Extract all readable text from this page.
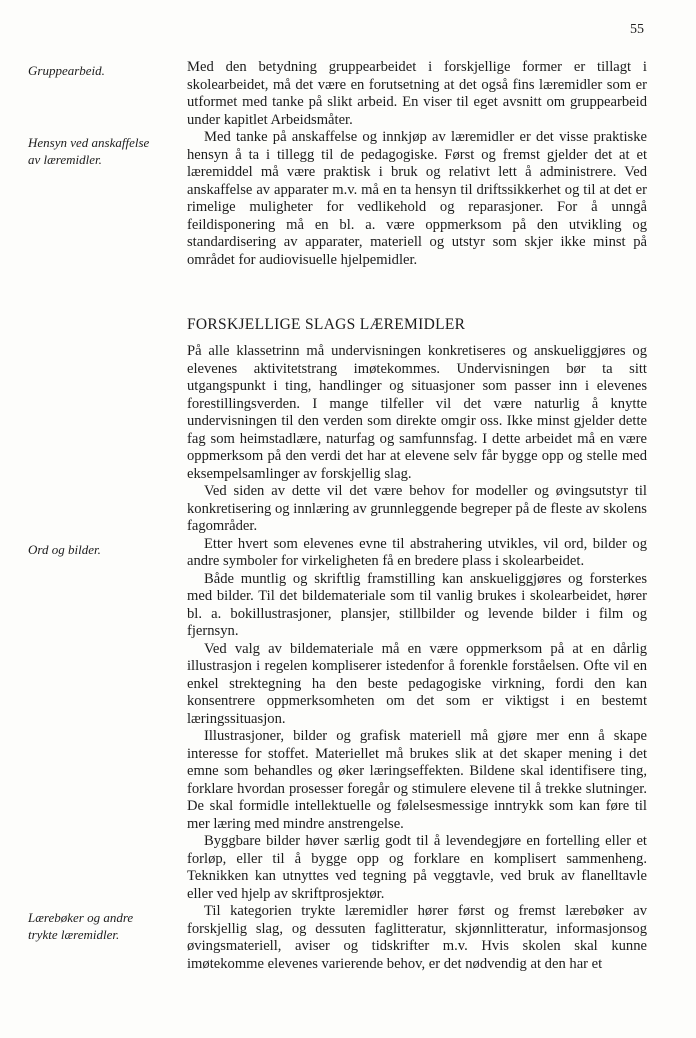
55
Gruppearbeid.
Hensyn ved anskaffelse
av læremidler.
Ord og bilder.
Lærebøker og andre
trykte læremidler.

Med den betydning gruppearbeidet i forskjellige former er tillagt i skolearbeidet, må det være en forutsetning at det også fins læremidler som er utformet med tanke på slikt arbeid. En viser til eget avsnitt om gruppearbeid under kapitlet Arbeidsmåter.

Med tanke på anskaffelse og innkjøp av læremidler er det visse praktiske hensyn å ta i tillegg til de pedagogiske. Først og fremst gjelder det at et læremiddel må være praktisk i bruk og relativt lett å administrere. Ved anskaffelse av apparater m.v. må en ta hensyn til driftssikkerhet og til at det er rimelige muligheter for vedlikehold og reparasjoner. For å unngå feildisponering må en bl. a. være oppmerksom på den utvikling og standardisering av apparater, materiell og utstyr som skjer ikke minst på området for audiovisuelle hjelpemidler.

FORSKJELLIGE SLAGS LÆREMIDLER

På alle klassetrinn må undervisningen konkretiseres og anskueliggjøres og elevenes aktivitetstrang imøtekommes. Undervisningen bør ta sitt utgangspunkt i ting, handlinger og situasjoner som passer inn i elevenes forestillingsverden. I mange tilfeller vil det være naturlig å knytte undervisningen til den verden som direkte omgir oss. Ikke minst gjelder dette fag som heimstadlære, naturfag og samfunnsfag. I dette arbeidet må en være oppmerksom på den verdi det har at elevene selv får bygge opp og stelle med eksempelsamlinger av forskjellig slag.

Ved siden av dette vil det være behov for modeller og øvingsutstyr til konkretisering og innlæring av grunnleggende begreper på de fleste av skolens fagområder.

Etter hvert som elevenes evne til abstrahering utvikles, vil ord, bilder og andre symboler for virkeligheten få en bredere plass i skolearbeidet.

Både muntlig og skriftlig framstilling kan anskueliggjøres og forsterkes med bilder. Til det bildemateriale som til vanlig brukes i skolearbeidet, hører bl. a. bokillustrasjoner, plansjer, stillbilder og levende bilder i film og fjernsyn.

Ved valg av bildemateriale må en være oppmerksom på at en dårlig illustrasjon i regelen kompliserer istedenfor å forenkle forståelsen. Ofte vil en enkel strektegning ha den beste pedagogiske virkning, fordi den kan konsentrere oppmerksomheten om det som er viktigst i en bestemt læringssituasjon.

Illustrasjoner, bilder og grafisk materiell må gjøre mer enn å skape interesse for stoffet. Materiellet må brukes slik at det skaper mening i det emne som behandles og øker læringseffekten. Bildene skal identifisere ting, forklare hvordan prosesser foregår og stimulere elevene til å trekke slutninger. De skal formidle intellektuelle og følelsesmessige inntrykk som kan føre til mer læring med mindre anstrengelse.

Byggbare bilder høver særlig godt til å levendegjøre en fortelling eller et forløp, eller til å bygge opp og forklare en komplisert sammenheng. Teknikken kan utnyttes ved tegning på veggtavle, ved bruk av flanelltavle eller ved hjelp av skriftprosjektør.

Til kategorien trykte læremidler hører først og fremst lærebøker av forskjellig slag, og dessuten faglitteratur, skjønnlitteratur, informasjonsog øvingsmateriell, aviser og tidskrifter m.v. Hvis skolen skal kunne imøtekomme elevenes varierende behov, er det nødvendig at den har et
